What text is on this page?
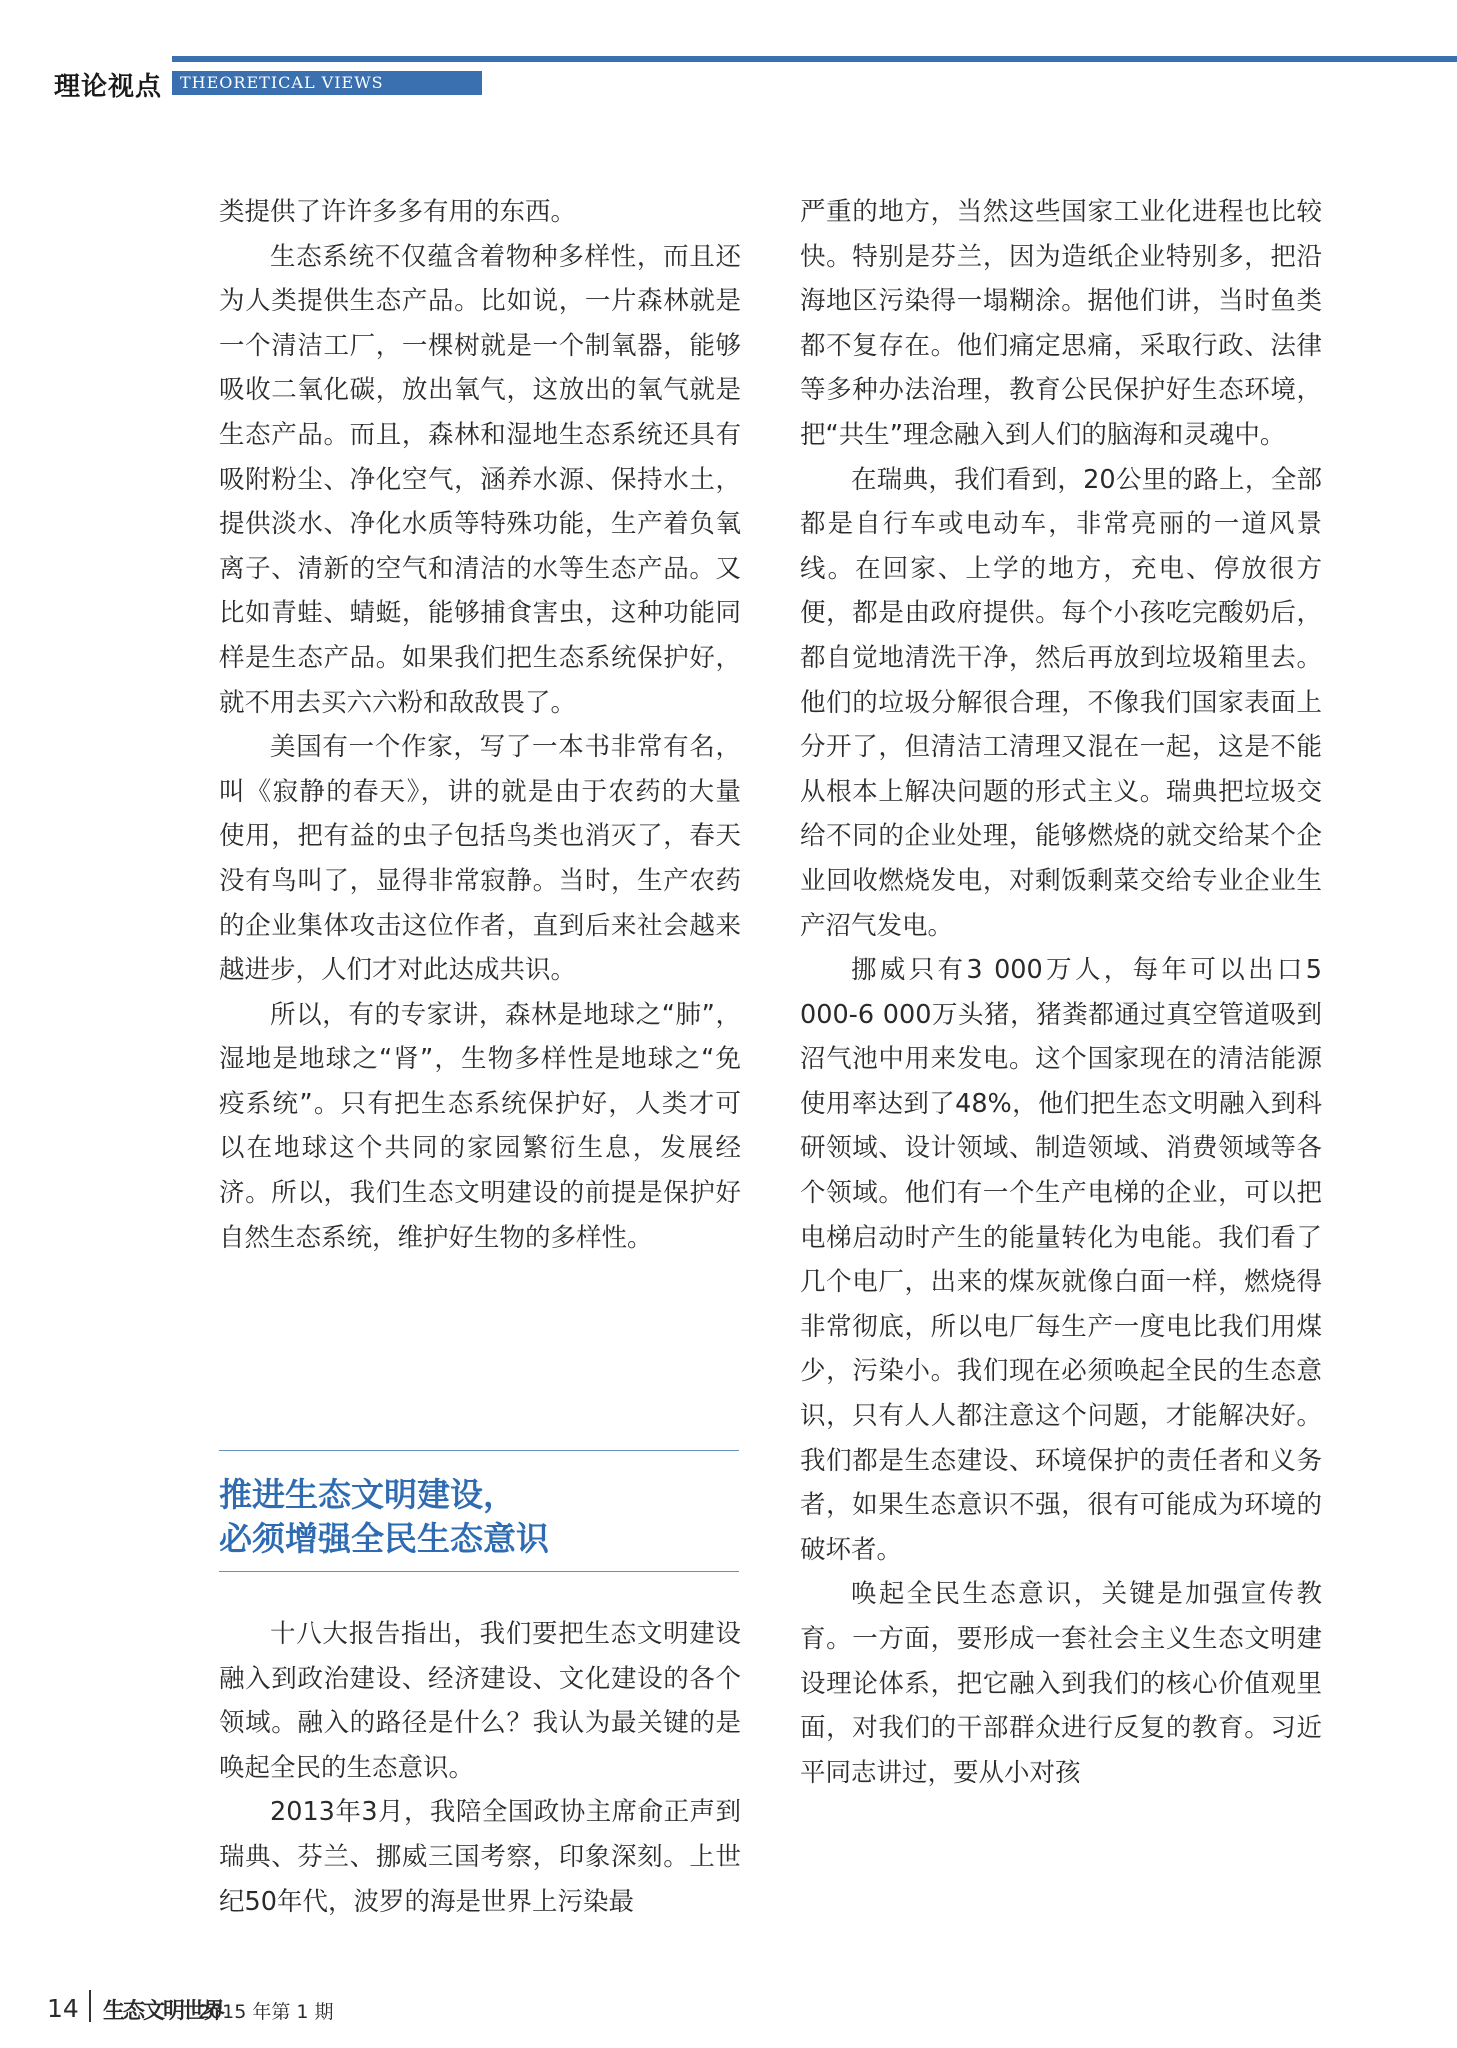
理论视点	THEORETICAL VIEWS

类提供了许许多多有用的东西。

生态系统不仅蕴含着物种多样性，而且还为人类提供生态产品。比如说，一片森林就是一个清洁工厂，一棵树就是一个制氧器，能够吸收二氧化碳，放出氧气，这放出的氧气就是生态产品。而且，森林和湿地生态系统还具有吸附粉尘、净化空气，涵养水源、保持水土，提供淡水、净化水质等特殊功能，生产着负氧离子、清新的空气和清洁的水等生态产品。又比如青蛙、蜻蜓，能够捕食害虫，这种功能同样是生态产品。如果我们把生态系统保护好，就不用去买六六粉和敌敌畏了。

美国有一个作家，写了一本书非常有名，叫《寂静的春天》，讲的就是由于农药的大量使用，把有益的虫子包括鸟类也消灭了，春天没有鸟叫了，显得非常寂静。当时，生产农药的企业集体攻击这位作者，直到后来社会越来越进步，人们才对此达成共识。

所以，有的专家讲，森林是地球之“肺”，湿地是地球之“肾”，生物多样性是地球之“免疫系统”。只有把生态系统保护好，人类才可以在地球这个共同的家园繁衍生息，发展经济。所以，我们生态文明建设的前提是保护好自然生态系统，维护好生物的多样性。

推进生态文明建设，
必须增强全民生态意识

十八大报告指出，我们要把生态文明建设融入到政治建设、经济建设、文化建设的各个领域。融入的路径是什么？我认为最关键的是唤起全民的生态意识。

2013年3月，我陪全国政协主席俞正声到瑞典、芬兰、挪威三国考察，印象深刻。上世纪50年代，波罗的海是世界上污染最

严重的地方，当然这些国家工业化进程也比较快。特别是芬兰，因为造纸企业特别多，把沿海地区污染得一塌糊涂。据他们讲，当时鱼类都不复存在。他们痛定思痛，采取行政、法律等多种办法治理，教育公民保护好生态环境，把“共生”理念融入到人们的脑海和灵魂中。

在瑞典，我们看到，20公里的路上，全部都是自行车或电动车，非常亮丽的一道风景线。在回家、上学的地方，充电、停放很方便，都是由政府提供。每个小孩吃完酸奶后，都自觉地清洗干净，然后再放到垃圾箱里去。他们的垃圾分解很合理，不像我们国家表面上分开了，但清洁工清理又混在一起，这是不能从根本上解决问题的形式主义。瑞典把垃圾交给不同的企业处理，能够燃烧的就交给某个企业回收燃烧发电，对剩饭剩菜交给专业企业生产沼气发电。

挪威只有3 000万人，每年可以出口5 000-6 000万头猪，猪粪都通过真空管道吸到沼气池中用来发电。这个国家现在的清洁能源使用率达到了48%，他们把生态文明融入到科研领域、设计领域、制造领域、消费领域等各个领域。他们有一个生产电梯的企业，可以把电梯启动时产生的能量转化为电能。我们看了几个电厂，出来的煤灰就像白面一样，燃烧得非常彻底，所以电厂每生产一度电比我们用煤少，污染小。我们现在必须唤起全民的生态意识，只有人人都注意这个问题，才能解决好。我们都是生态建设、环境保护的责任者和义务者，如果生态意识不强，很有可能成为环境的破坏者。

唤起全民生态意识，关键是加强宣传教育。一方面，要形成一套社会主义生态文明建设理论体系，把它融入到我们的核心价值观里面，对我们的干部群众进行反复的教育。习近平同志讲过，要从小对孩

14 生态文明世界
2015 年第 1 期
